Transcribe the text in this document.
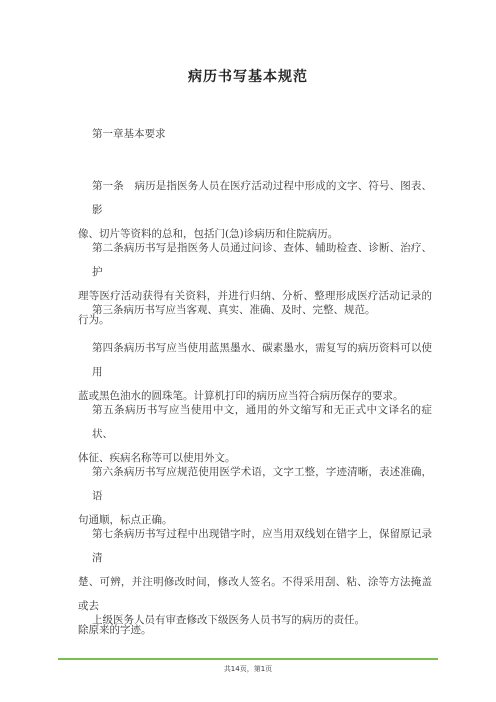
病历书写基本规范
第一章基本要求
第一条　病历是指医务人员在医疗活动过程中形成的文字、符号、图表、影
像、切片等资料的总和，包括门(急)诊病历和住院病历。
第二条病历书写是指医务人员通过问诊、查体、辅助检查、诊断、治疗、护
理等医疗活动获得有关资料，并进行归纳、分析、整理形成医疗活动记录的行为。
第三条病历书写应当客观、真实、准确、及时、完整、规范。
第四条病历书写应当使用蓝黑墨水、碳素墨水，需复写的病历资料可以使用
蓝或黑色油水的圆珠笔。计算机打印的病历应当符合病历保存的要求。
第五条病历书写应当使用中文，通用的外文缩写和无正式中文译名的症状、
体征、疾病名称等可以使用外文。
第六条病历书写应规范使用医学术语，文字工整，字迹清晰，表述准确，语
句通顺，标点正确。
第七条病历书写过程中出现错字时，应当用双线划在错字上，保留原记录清
楚、可辨，并注明修改时间，修改人签名。不得采用刮、粘、涂等方法掩盖或去
除原来的字迹。
上级医务人员有审查修改下级医务人员书写的病历的责任。
共14页，第1页
